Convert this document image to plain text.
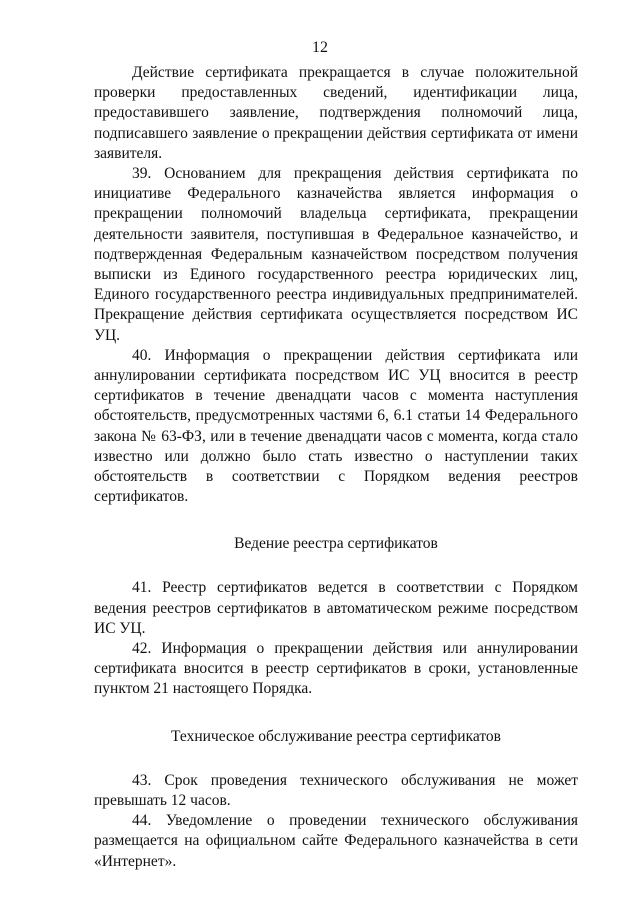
12

Действие сертификата прекращается в случае положительной проверки предоставленных сведений, идентификации лица, предоставившего заявление, подтверждения полномочий лица, подписавшего заявление о прекращении действия сертификата от имени заявителя.

39. Основанием для прекращения действия сертификата по инициативе Федерального казначейства является информация о прекращении полномочий владельца сертификата, прекращении деятельности заявителя, поступившая в Федеральное казначейство, и подтвержденная Федеральным казначейством посредством получения выписки из Единого государственного реестра юридических лиц, Единого государственного реестра индивидуальных предпринимателей. Прекращение действия сертификата осуществляется посредством ИС УЦ.

40. Информация о прекращении действия сертификата или аннулировании сертификата посредством ИС УЦ вносится в реестр сертификатов в течение двенадцати часов с момента наступления обстоятельств, предусмотренных частями 6, 6.1 статьи 14 Федерального закона № 63-ФЗ, или в течение двенадцати часов с момента, когда стало известно или должно было стать известно о наступлении таких обстоятельств в соответствии с Порядком ведения реестров сертификатов.

Ведение реестра сертификатов

41. Реестр сертификатов ведется в соответствии с Порядком ведения реестров сертификатов в автоматическом режиме посредством ИС УЦ.

42. Информация о прекращении действия или аннулировании сертификата вносится в реестр сертификатов в сроки, установленные пунктом 21 настоящего Порядка.

Техническое обслуживание реестра сертификатов

43. Срок проведения технического обслуживания не может превышать 12 часов.

44. Уведомление о проведении технического обслуживания размещается на официальном сайте Федерального казначейства в сети «Интернет».
